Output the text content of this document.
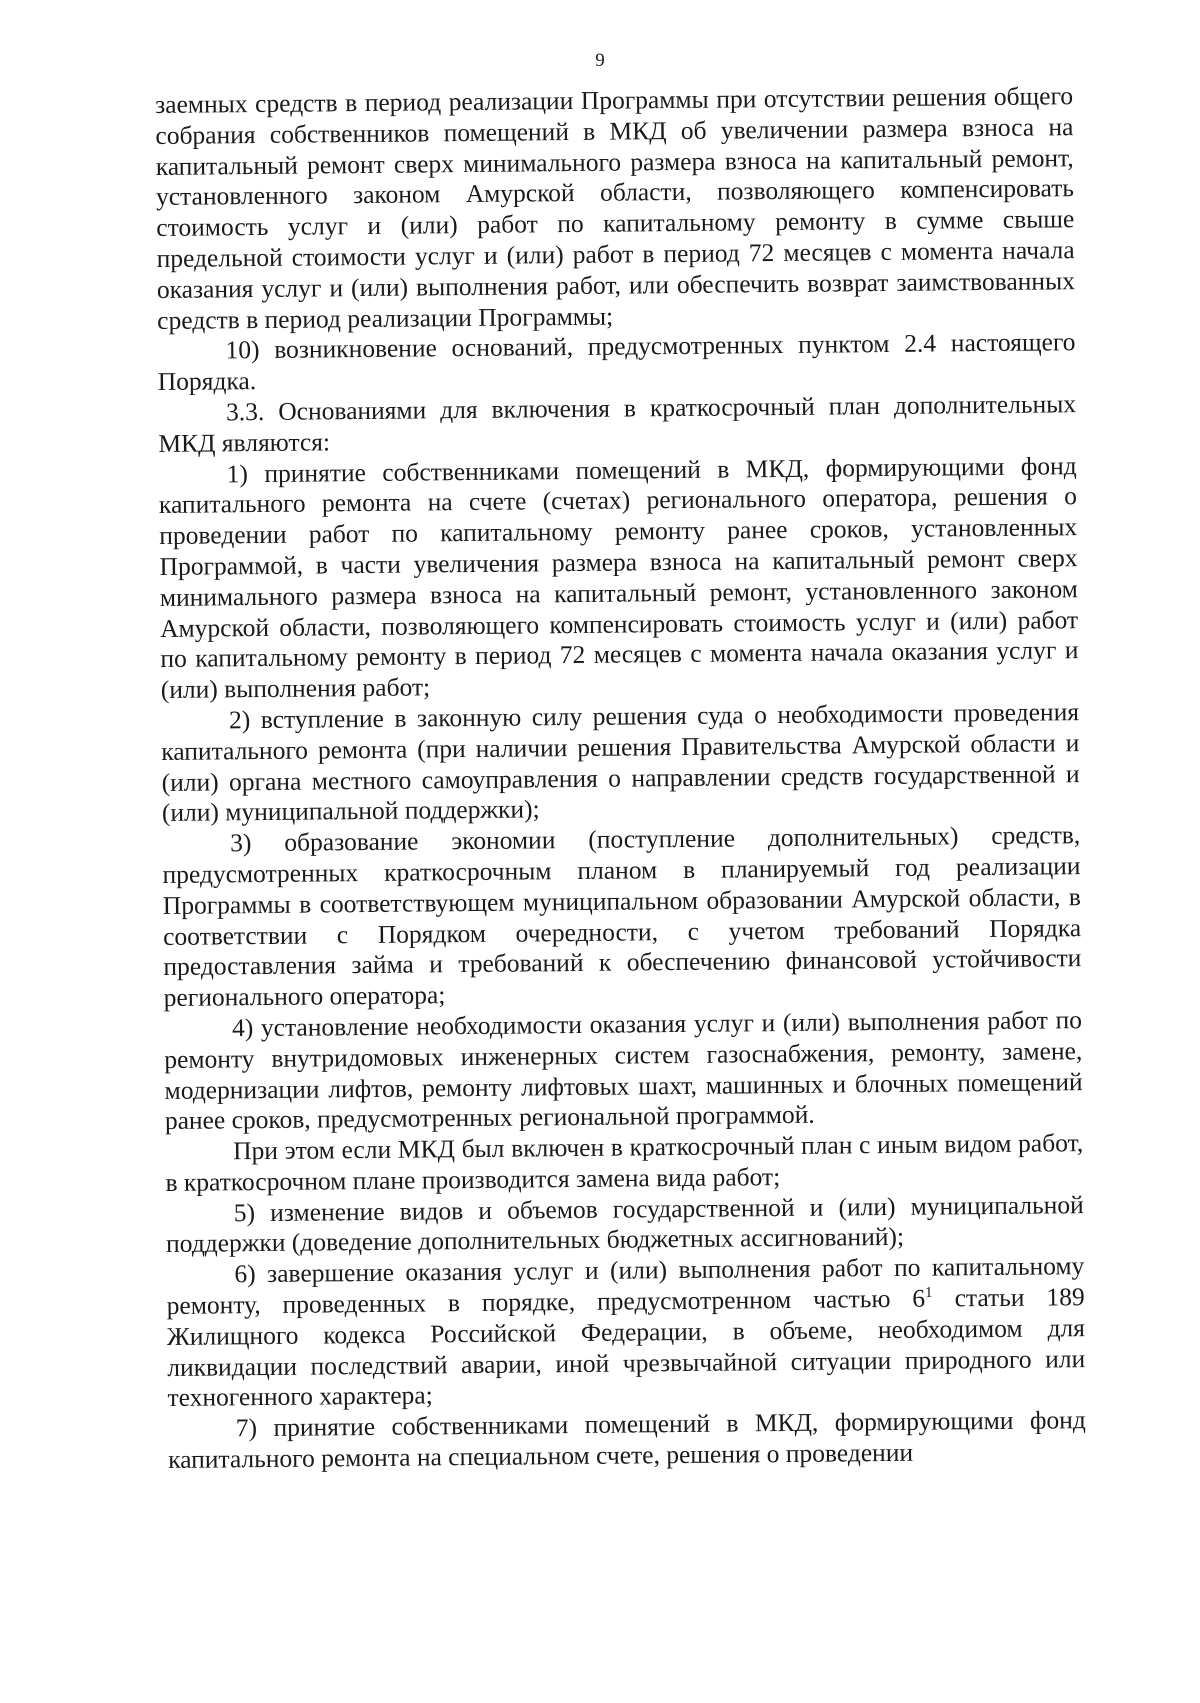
9

заемных средств в период реализации Программы при отсутствии решения общего собрания собственников помещений в МКД об увеличении размера взноса на капитальный ремонт сверх минимального размера взноса на капитальный ремонт, установленного законом Амурской области, позволяющего компенсировать стоимость услуг и (или) работ по капитальному ремонту в сумме свыше предельной стоимости услуг и (или) работ в период 72 месяцев с момента начала оказания услуг и (или) выполнения работ, или обеспечить возврат заимствованных средств в период реализации Программы;

10) возникновение оснований, предусмотренных пунктом 2.4 настоящего Порядка.

3.3. Основаниями для включения в краткосрочный план дополнительных МКД являются:

1) принятие собственниками помещений в МКД, формирующими фонд капитального ремонта на счете (счетах) регионального оператора, решения о проведении работ по капитальному ремонту ранее сроков, установленных Программой, в части увеличения размера взноса на капитальный ремонт сверх минимального размера взноса на капитальный ремонт, установленного законом Амурской области, позволяющего компенсировать стоимость услуг и (или) работ по капитальному ремонту в период 72 месяцев с момента начала оказания услуг и (или) выполнения работ;

2) вступление в законную силу решения суда о необходимости проведения капитального ремонта (при наличии решения Правительства Амурской области и (или) органа местного самоуправления о направлении средств государственной и (или) муниципальной поддержки);

3) образование экономии (поступление дополнительных) средств, предусмотренных краткосрочным планом в планируемый год реализации Программы в соответствующем муниципальном образовании Амурской области, в соответствии с Порядком очередности, с учетом требований Порядка предоставления займа и требований к обеспечению финансовой устойчивости регионального оператора;

4) установление необходимости оказания услуг и (или) выполнения работ по ремонту внутридомовых инженерных систем газоснабжения, ремонту, замене, модернизации лифтов, ремонту лифтовых шахт, машинных и блочных помещений ранее сроков, предусмотренных региональной программой.

При этом если МКД был включен в краткосрочный план с иным видом работ, в краткосрочном плане производится замена вида работ;

5) изменение видов и объемов государственной и (или) муниципальной поддержки (доведение дополнительных бюджетных ассигнований);

6) завершение оказания услуг и (или) выполнения работ по капитальному ремонту, проведенных в порядке, предусмотренном частью $6^1$ статьи 189 Жилищного кодекса Российской Федерации, в объеме, необходимом для ликвидации последствий аварии, иной чрезвычайной ситуации природного или техногенного характера;

7) принятие собственниками помещений в МКД, формирующими фонд капитального ремонта на специальном счете, решения о проведении
